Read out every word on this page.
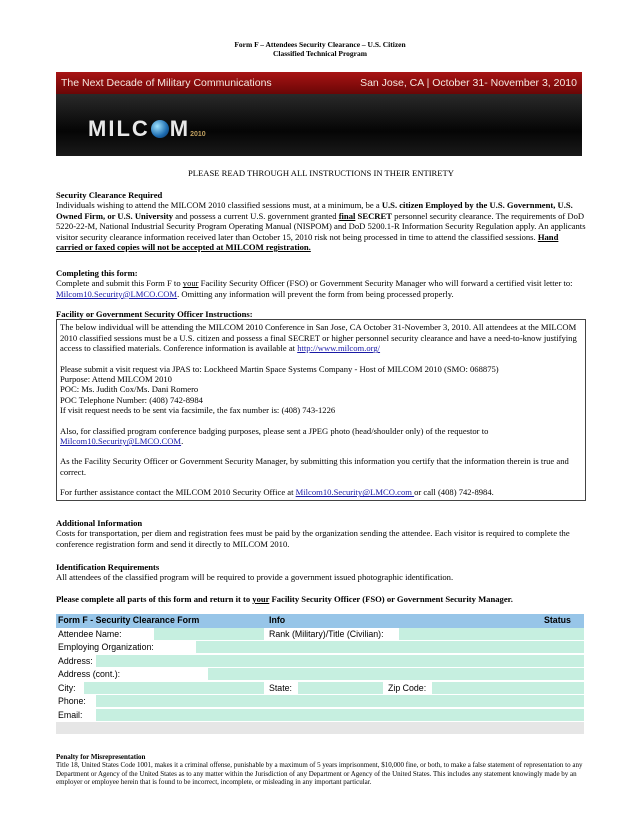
Form F – Attendees Security Clearance – U.S. Citizen
Classified Technical Program
The Next Decade of Military Communications	San Jose, CA | October 31- November 3, 2010
MILC M2010
PLEASE READ THROUGH ALL INSTRUCTIONS IN THEIR ENTIRETY
Security Clearance Required
Individuals wishing to attend the MILCOM 2010 classified sessions must, at a minimum, be a U.S. citizen Employed by the U.S. Government, U.S. Owned Firm, or U.S. University and possess a current U.S. government granted final SECRET personnel security clearance. The requirements of DoD 5220-22-M, National Industrial Security Program Operating Manual (NISPOM) and DoD 5200.1-R Information Security Regulation apply. An applicants visitor security clearance information received later than October 15, 2010 risk not being processed in time to attend the classified sessions. Hand carried or faxed copies will not be accepted at MILCOM registration.
Completing this form:
Complete and submit this Form F to your Facility Security Officer (FSO) or Government Security Manager who will forward a certified visit letter to: Milcom10.Security@LMCO.COM. Omitting any information will prevent the form from being processed properly.
Facility or Government Security Officer Instructions:
The below individual will be attending the MILCOM 2010 Conference in San Jose, CA October 31-November 3, 2010. All attendees at the MILCOM 2010 classified sessions must be a U.S. citizen and possess a final SECRET or higher personnel security clearance and have a need-to-know justifying access to classified materials. Conference information is available at http://www.milcom.org/
Please submit a visit request via JPAS to: Lockheed Martin Space Systems Company - Host of MILCOM 2010 (SMO: 068875)
Purpose: Attend MILCOM 2010
POC: Ms. Judith Cox/Ms. Dani Romero
POC Telephone Number: (408) 742-8984
If visit request needs to be sent via facsimile, the fax number is: (408) 743-1226
Also, for classified program conference badging purposes, please sent a JPEG photo (head/shoulder only) of the requestor to Milcom10.Security@LMCO.COM.
As the Facility Security Officer or Government Security Manager, by submitting this information you certify that the information therein is true and correct.
For further assistance contact the MILCOM 2010 Security Office at Milcom10.Security@LMCO.com or call (408) 742-8984.
Additional Information
Costs for transportation, per diem and registration fees must be paid by the organization sending the attendee. Each visitor is required to complete the conference registration form and send it directly to MILCOM 2010.
Identification Requirements
All attendees of the classified program will be required to provide a government issued photographic identification.
Please complete all parts of this form and return it to your Facility Security Officer (FSO) or Government Security Manager.
Form F - Security Clearance Form	Info	Status
Attendee Name:	Rank (Military)/Title (Civilian):
Employing Organization:
Address:
Address (cont.):
City:	State:	Zip Code:
Phone:
Email:
Penalty for Misrepresentation
Title 18, United States Code 1001, makes it a criminal offense, punishable by a maximum of 5 years imprisonment, $10,000 fine, or both, to make a false statement of representation to any Department or Agency of the United States as to any matter within the Jurisdiction of any Department or Agency of the United States. This includes any statement knowingly made by an employer or employee herein that is found to be incorrect, incomplete, or misleading in any important particular.
